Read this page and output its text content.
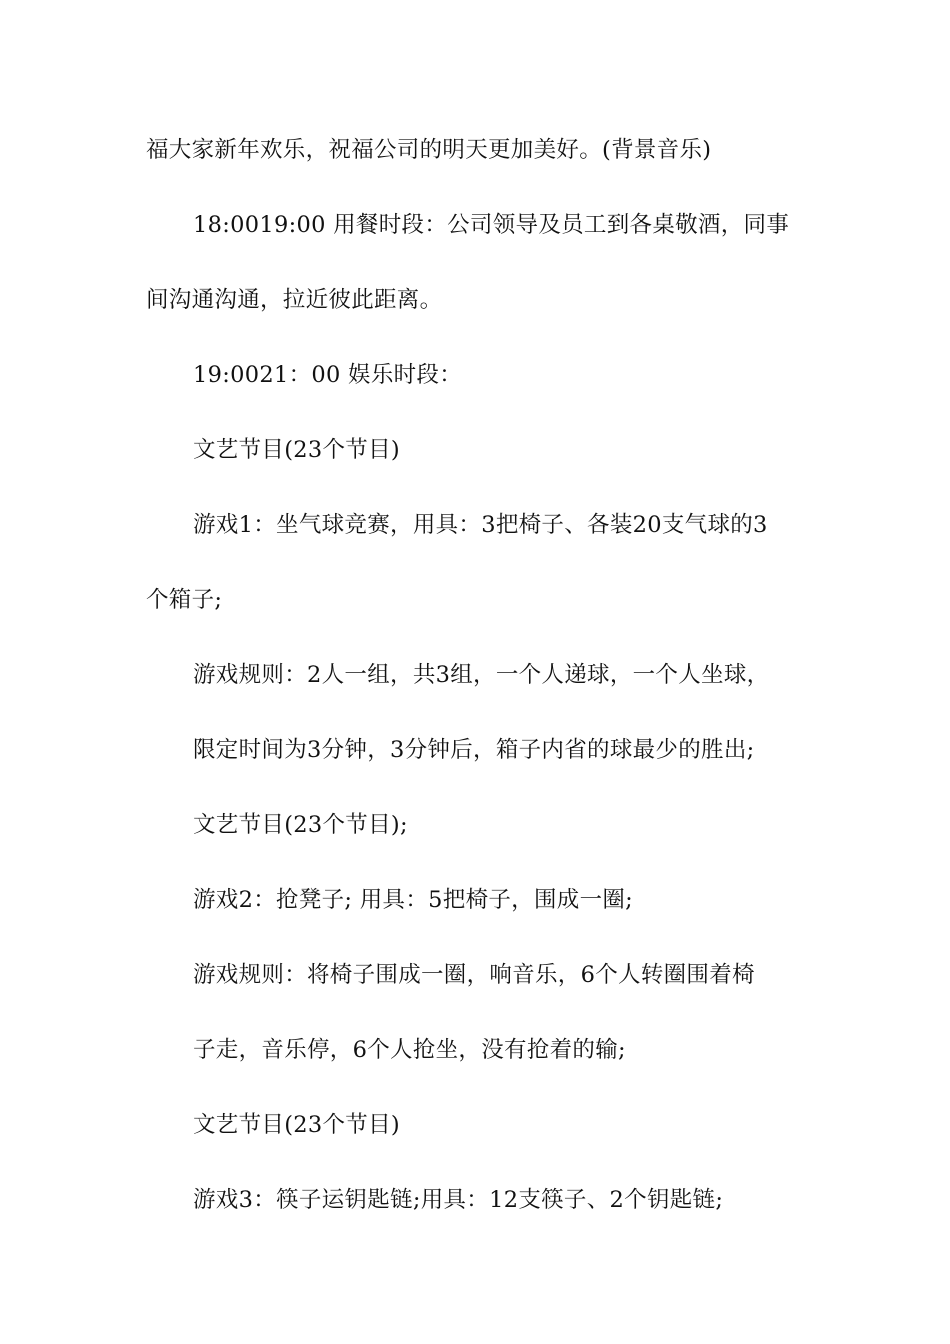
福大家新年欢乐，祝福公司的明天更加美好。(背景音乐)
18:0019:00 用餐时段：公司领导及员工到各桌敬酒，同事
间沟通沟通，拉近彼此距离。
19:0021：00 娱乐时段：
文艺节目(23个节目)
游戏1：坐气球竞赛，用具：3把椅子、各装20支气球的3
个箱子;
游戏规则：2人一组，共3组，一个人递球，一个人坐球，
限定时间为3分钟，3分钟后，箱子内省的球最少的胜出;
文艺节目(23个节目);
游戏2：抢凳子; 用具：5把椅子，围成一圈;
游戏规则：将椅子围成一圈，响音乐，6个人转圈围着椅
子走，音乐停，6个人抢坐，没有抢着的输;
文艺节目(23个节目)
游戏3：筷子运钥匙链;用具：12支筷子、2个钥匙链;
